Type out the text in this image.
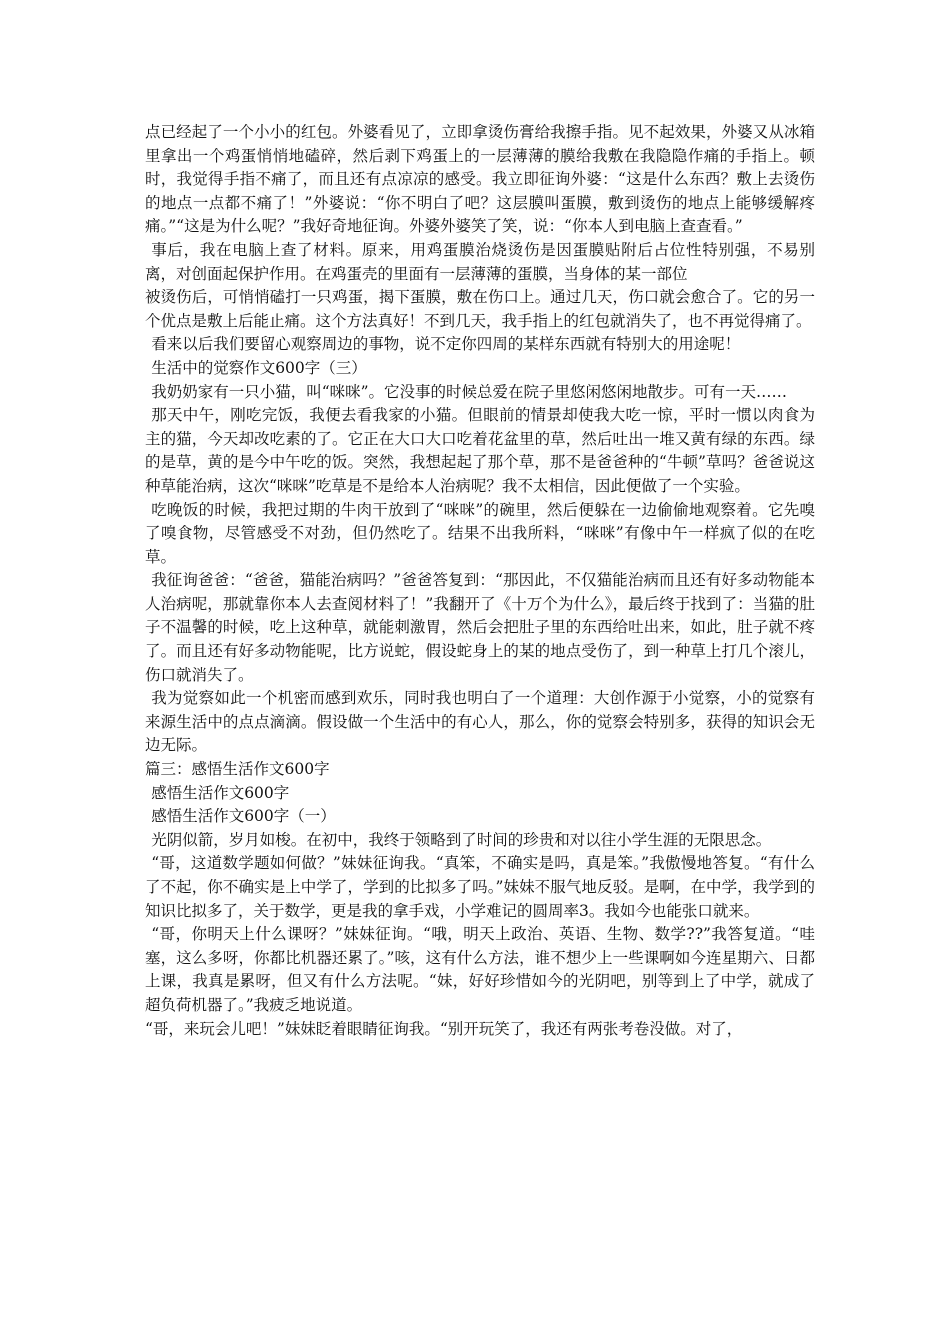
点已经起了一个小小的红包。外婆看见了，立即拿烫伤膏给我擦手指。见不起效果，外婆又从冰箱里拿出一个鸡蛋悄悄地磕碎，然后剥下鸡蛋上的一层薄薄的膜给我敷在我隐隐作痛的手指上。顿时，我觉得手指不痛了，而且还有点凉凉的感受。我立即征询外婆：“这是什么东西？敷上去烫伤的地点一点都不痛了！”外婆说：“你不明白了吧？这层膜叫蛋膜，敷到烫伤的地点上能够缓解疼痛。”“这是为什么呢？”我好奇地征询。外婆外婆笑了笑，说：“你本人到电脑上查查看。”

事后，我在电脑上查了材料。原来，用鸡蛋膜治烧烫伤是因蛋膜贴附后占位性特别强，不易别离，对创面起保护作用。在鸡蛋壳的里面有一层薄薄的蛋膜，当身体的某一部位

被烫伤后，可悄悄磕打一只鸡蛋，揭下蛋膜，敷在伤口上。通过几天，伤口就会愈合了。它的另一个优点是敷上后能止痛。这个方法真好！不到几天，我手指上的红包就消失了，也不再觉得痛了。

看来以后我们要留心观察周边的事物，说不定你四周的某样东西就有特别大的用途呢！

生活中的觉察作文600字（三）

我奶奶家有一只小猫，叫“咪咪”。它没事的时候总爱在院子里悠闲悠闲地散步。可有一天……

那天中午，刚吃完饭，我便去看我家的小猫。但眼前的情景却使我大吃一惊，平时一惯以肉食为主的猫，今天却改吃素的了。它正在大口大口吃着花盆里的草，然后吐出一堆又黄有绿的东西。绿的是草，黄的是今中午吃的饭。突然，我想起起了那个草，那不是爸爸种的“牛顿”草吗？爸爸说这种草能治病，这次“咪咪”吃草是不是给本人治病呢？我不太相信，因此便做了一个实验。

吃晚饭的时候，我把过期的牛肉干放到了“咪咪”的碗里，然后便躲在一边偷偷地观察着。它先嗅了嗅食物，尽管感受不对劲，但仍然吃了。结果不出我所料，“咪咪”有像中午一样疯了似的在吃草。

我征询爸爸：“爸爸，猫能治病吗？”爸爸答复到：“那因此，不仅猫能治病而且还有好多动物能本人治病呢，那就靠你本人去查阅材料了！”我翻开了《十万个为什么》，最后终于找到了：当猫的肚子不温馨的时候，吃上这种草，就能刺激胃，然后会把肚子里的东西给吐出来，如此，肚子就不疼了。而且还有好多动物能呢，比方说蛇，假设蛇身上的某的地点受伤了，到一种草上打几个滚儿，伤口就消失了。

我为觉察如此一个机密而感到欢乐，同时我也明白了一个道理：大创作源于小觉察，小的觉察有来源生活中的点点滴滴。假设做一个生活中的有心人，那么，你的觉察会特别多，获得的知识会无边无际。

篇三：感悟生活作文600字

感悟生活作文600字

感悟生活作文600字（一）

光阴似箭，岁月如梭。在初中，我终于领略到了时间的珍贵和对以往小学生涯的无限思念。

“哥，这道数学题如何做？”妹妹征询我。“真笨，不确实是吗，真是笨。”我傲慢地答复。“有什么了不起，你不确实是上中学了，学到的比拟多了吗。”妹妹不服气地反驳。是啊，在中学，我学到的知识比拟多了，关于数学，更是我的拿手戏，小学难记的圆周率3。我如今也能张口就来。

“哥，你明天上什么课呀？”妹妹征询。“哦，明天上政治、英语、生物、数学??”我答复道。“哇塞，这么多呀，你都比机器还累了。”咳，这有什么方法，谁不想少上一些课啊如今连星期六、日都上课，我真是累呀，但又有什么方法呢。“妹，好好珍惜如今的光阴吧，别等到上了中学，就成了超负荷机器了。”我疲乏地说道。

“哥，来玩会儿吧！”妹妹眨着眼睛征询我。“别开玩笑了，我还有两张考卷没做。对了，
